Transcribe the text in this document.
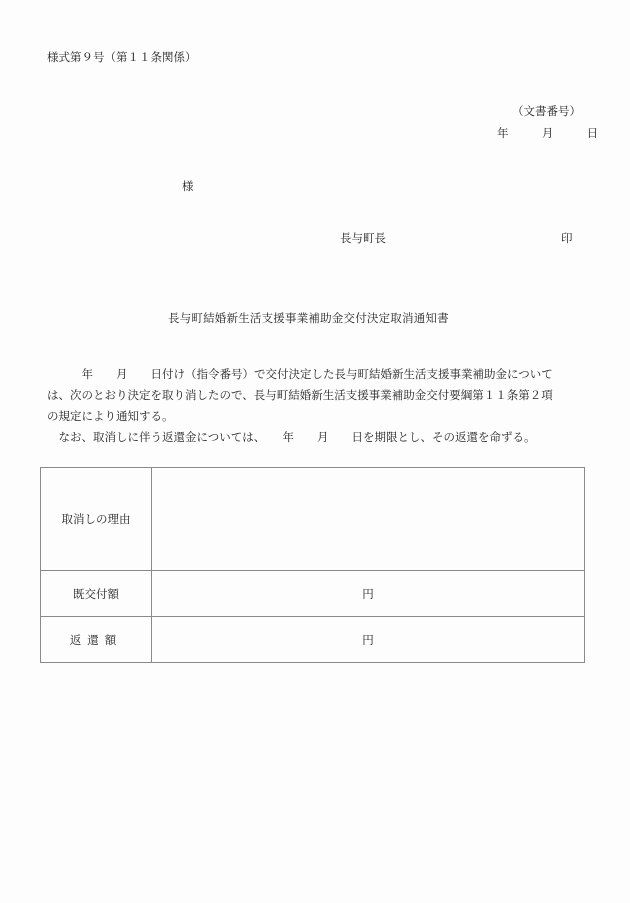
様式第９号（第１１条関係）
（文書番号）
年	月	日
様
長与町長	印
長与町結婚新生活支援事業補助金交付決定取消通知書

　　　年　　月　　日付け（指令番号）で交付決定した長与町結婚新生活支援事業補助金について

は、次のとおり決定を取り消したので、長与町結婚新生活支援事業補助金交付要綱第１１条第２項

の規定により通知する。

　なお、取消しに伴う返還金については、　　年　　月　　日を期限とし、その返還を命ずる。

取消しの理由	
既交付額	円
返還額	円
